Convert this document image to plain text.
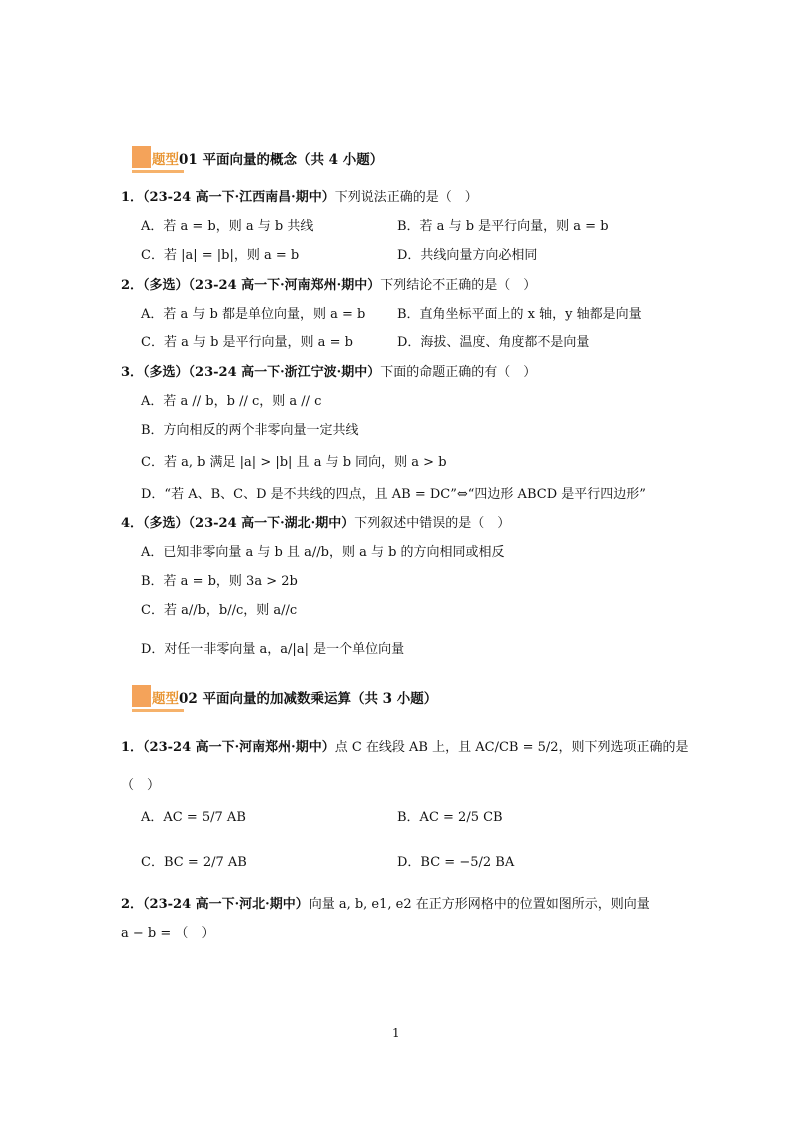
题型01 平面向量的概念（共 4 小题）
1．（23-24 高一下·江西南昌·期中）下列说法正确的是（　）
A．若 a = b，则 a 与 b 共线	B．若 a 与 b 是平行向量，则 a = b
C．若 |a| = |b|，则 a = b	D．共线向量方向必相同
2．（多选）（23-24 高一下·河南郑州·期中）下列结论不正确的是（　）
A．若 a 与 b 都是单位向量，则 a = b B．直角坐标平面上的 x 轴，y 轴都是向量
C．若 a 与 b 是平行向量，则 a = b	D．海拔、温度、角度都不是向量
3．（多选）（23-24 高一下·浙江宁波·期中）下面的命题正确的有（　）
A．若 a // b，b // c，则 a // c
B．方向相反的两个非零向量一定共线
C．若 a, b 满足 |a| > |b| 且 a 与 b 同向，则 a > b
D．“若 A、B、C、D 是不共线的四点，且 AB = DC”⇔“四边形 ABCD 是平行四边形”
4．（多选）（23-24 高一下·湖北·期中）下列叙述中错误的是（　）
A．已知非零向量 a 与 b 且 a//b，则 a 与 b 的方向相同或相反
B．若 a = b，则 3a > 2b
C．若 a//b，b//c，则 a//c
D．对任一非零向量 a，a/|a| 是一个单位向量
题型02 平面向量的加减数乘运算（共 3 小题）
1．（23-24 高一下·河南郑州·期中）点 C 在线段 AB 上，且 AC/CB = 5/2，则下列选项正确的是
（　）
A．AC = 5/7 AB	B．AC = 2/5 CB
C．BC = 2/7 AB	D．BC = −5/2 BA
2．（23-24 高一下·河北·期中）向量 a, b, e1, e2 在正方形网格中的位置如图所示，则向量
a − b = （　）
1
